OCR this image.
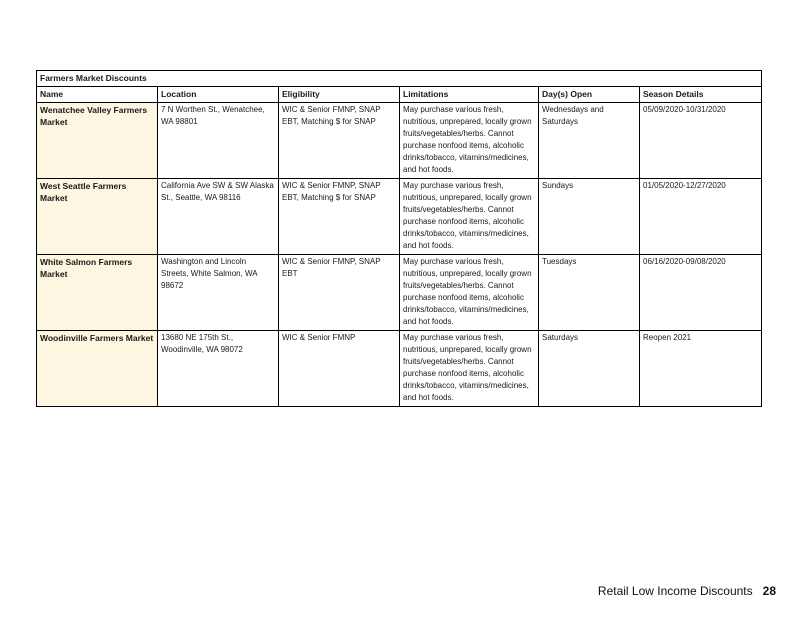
Farmers Market Discounts					
Name	Location	Eligibility	Limitations	Day(s) Open	Season Details
Wenatchee Valley Farmers Market	7 N Worthen St., Wenatchee, WA 98801	WIC & Senior FMNP, SNAP EBT, Matching $ for SNAP	May purchase various fresh, nutritious, unprepared, locally grown fruits/vegetables/herbs. Cannot purchase nonfood items, alcoholic drinks/tobacco, vitamins/medicines, and hot foods.	Wednesdays and Saturdays	05/09/2020-10/31/2020
West Seattle Farmers Market	California Ave SW & SW Alaska St., Seattle, WA 98116	WIC & Senior FMNP, SNAP EBT, Matching $ for SNAP	May purchase various fresh, nutritious, unprepared, locally grown fruits/vegetables/herbs. Cannot purchase nonfood items, alcoholic drinks/tobacco, vitamins/medicines, and hot foods.	Sundays	01/05/2020-12/27/2020
White Salmon Farmers Market	Washington and Lincoln Streets, White Salmon, WA 98672	WIC & Senior FMNP, SNAP EBT	May purchase various fresh, nutritious, unprepared, locally grown fruits/vegetables/herbs. Cannot purchase nonfood items, alcoholic drinks/tobacco, vitamins/medicines, and hot foods.	Tuesdays	06/16/2020-09/08/2020
Woodinville Farmers Market	13680 NE 175th St., Woodinville, WA 98072	WIC & Senior FMNP	May purchase various fresh, nutritious, unprepared, locally grown fruits/vegetables/herbs. Cannot purchase nonfood items, alcoholic drinks/tobacco, vitamins/medicines, and hot foods.	Saturdays	Reopen 2021
Retail Low Income Discounts 28
